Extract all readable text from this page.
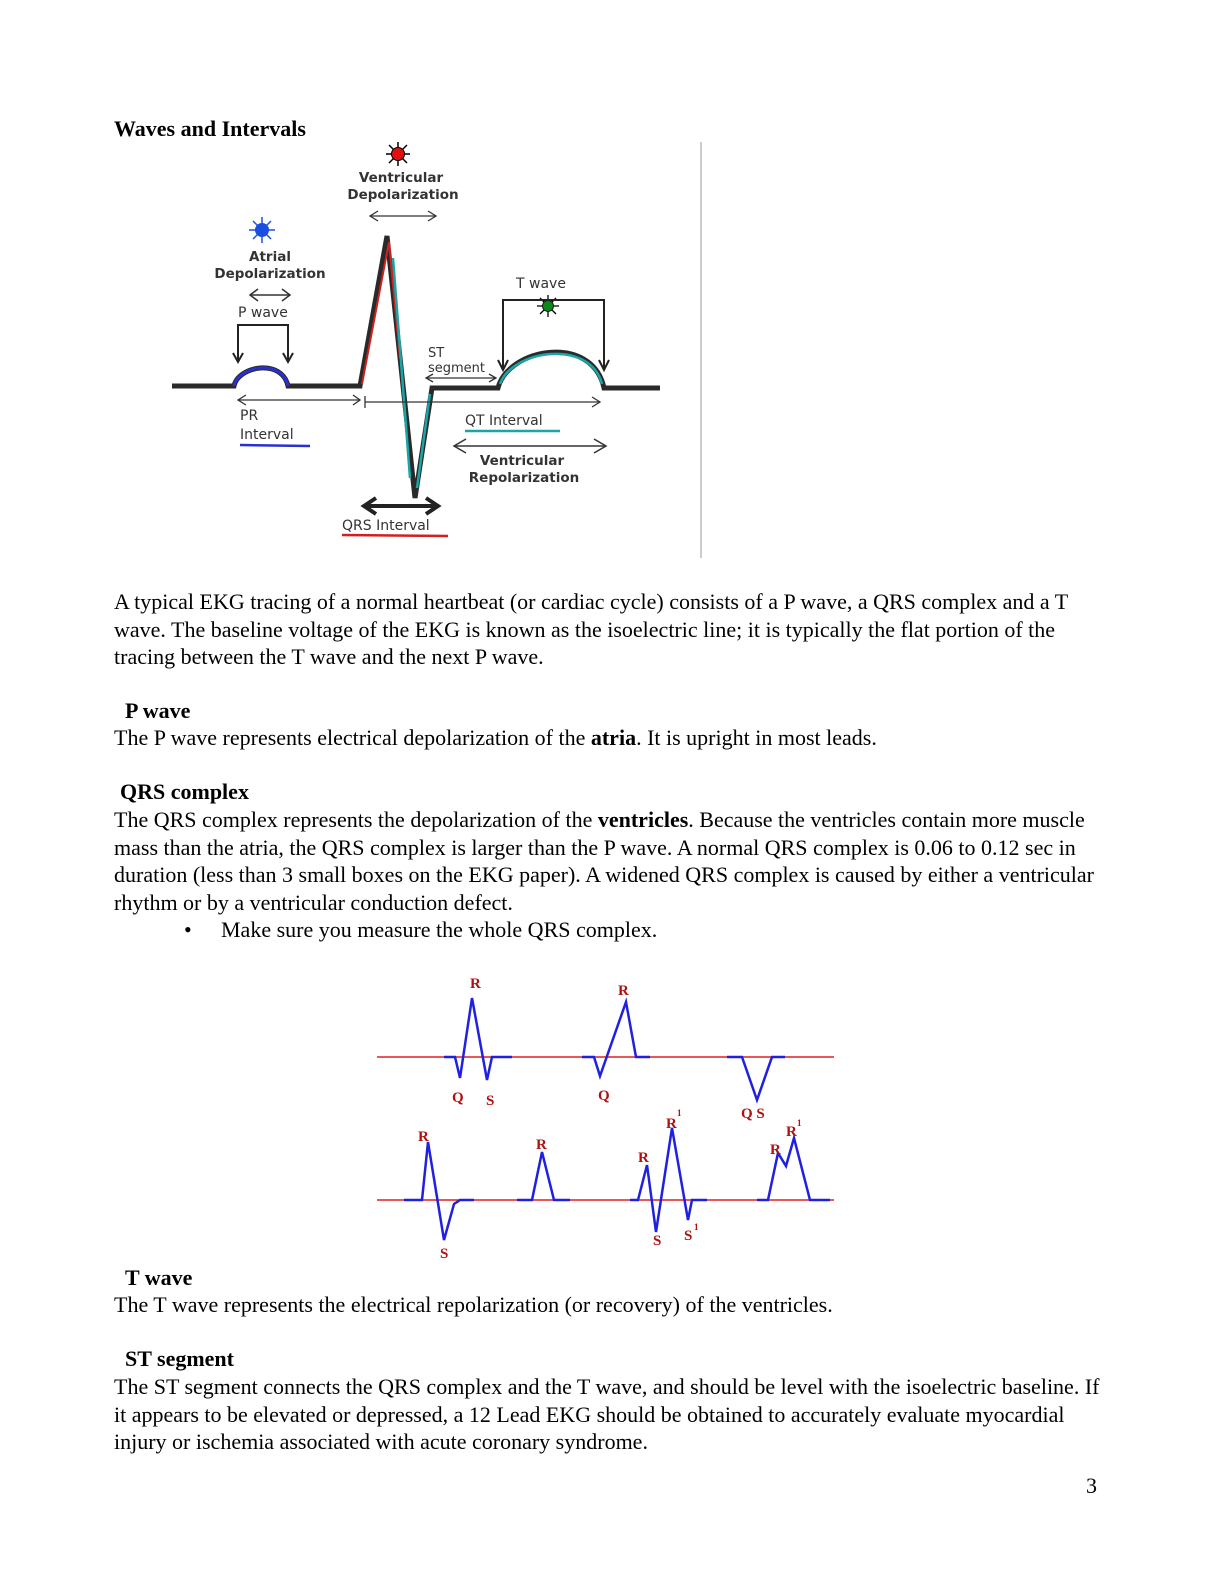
Waves and Intervals
Ventricular
Depolarization
Atrial
Depolarization
P wave
T wave
ST
segment
PR
Interval
QT Interval
Ventricular
Repolarization
QRS Interval
A typical EKG tracing of a normal heartbeat (or cardiac cycle) consists of a P wave, a QRS complex and a T wave. The baseline voltage of the EKG is known as the isoelectric line; it is typically the flat portion of the tracing between the T wave and the next P wave.
P wave
The P wave represents electrical depolarization of the atria. It is upright in most leads.
QRS complex
The QRS complex represents the depolarization of the ventricles. Because the ventricles contain more muscle mass than the atria, the QRS complex is larger than the P wave. A normal QRS complex is 0.06 to 0.12 sec in duration (less than 3 small boxes on the EKG paper). A widened QRS complex is caused by either a ventricular rhythm or by a ventricular conduction defect.
• Make sure you measure the whole QRS complex.
R
Q S
R
Q
Q S
R
S
R
R
R
S S
R
R
1
1
1
T wave
The T wave represents the electrical repolarization (or recovery) of the ventricles.
ST segment
The ST segment connects the QRS complex and the T wave, and should be level with the isoelectric baseline. If it appears to be elevated or depressed, a 12 Lead EKG should be obtained to accurately evaluate myocardial injury or ischemia associated with acute coronary syndrome.
3
